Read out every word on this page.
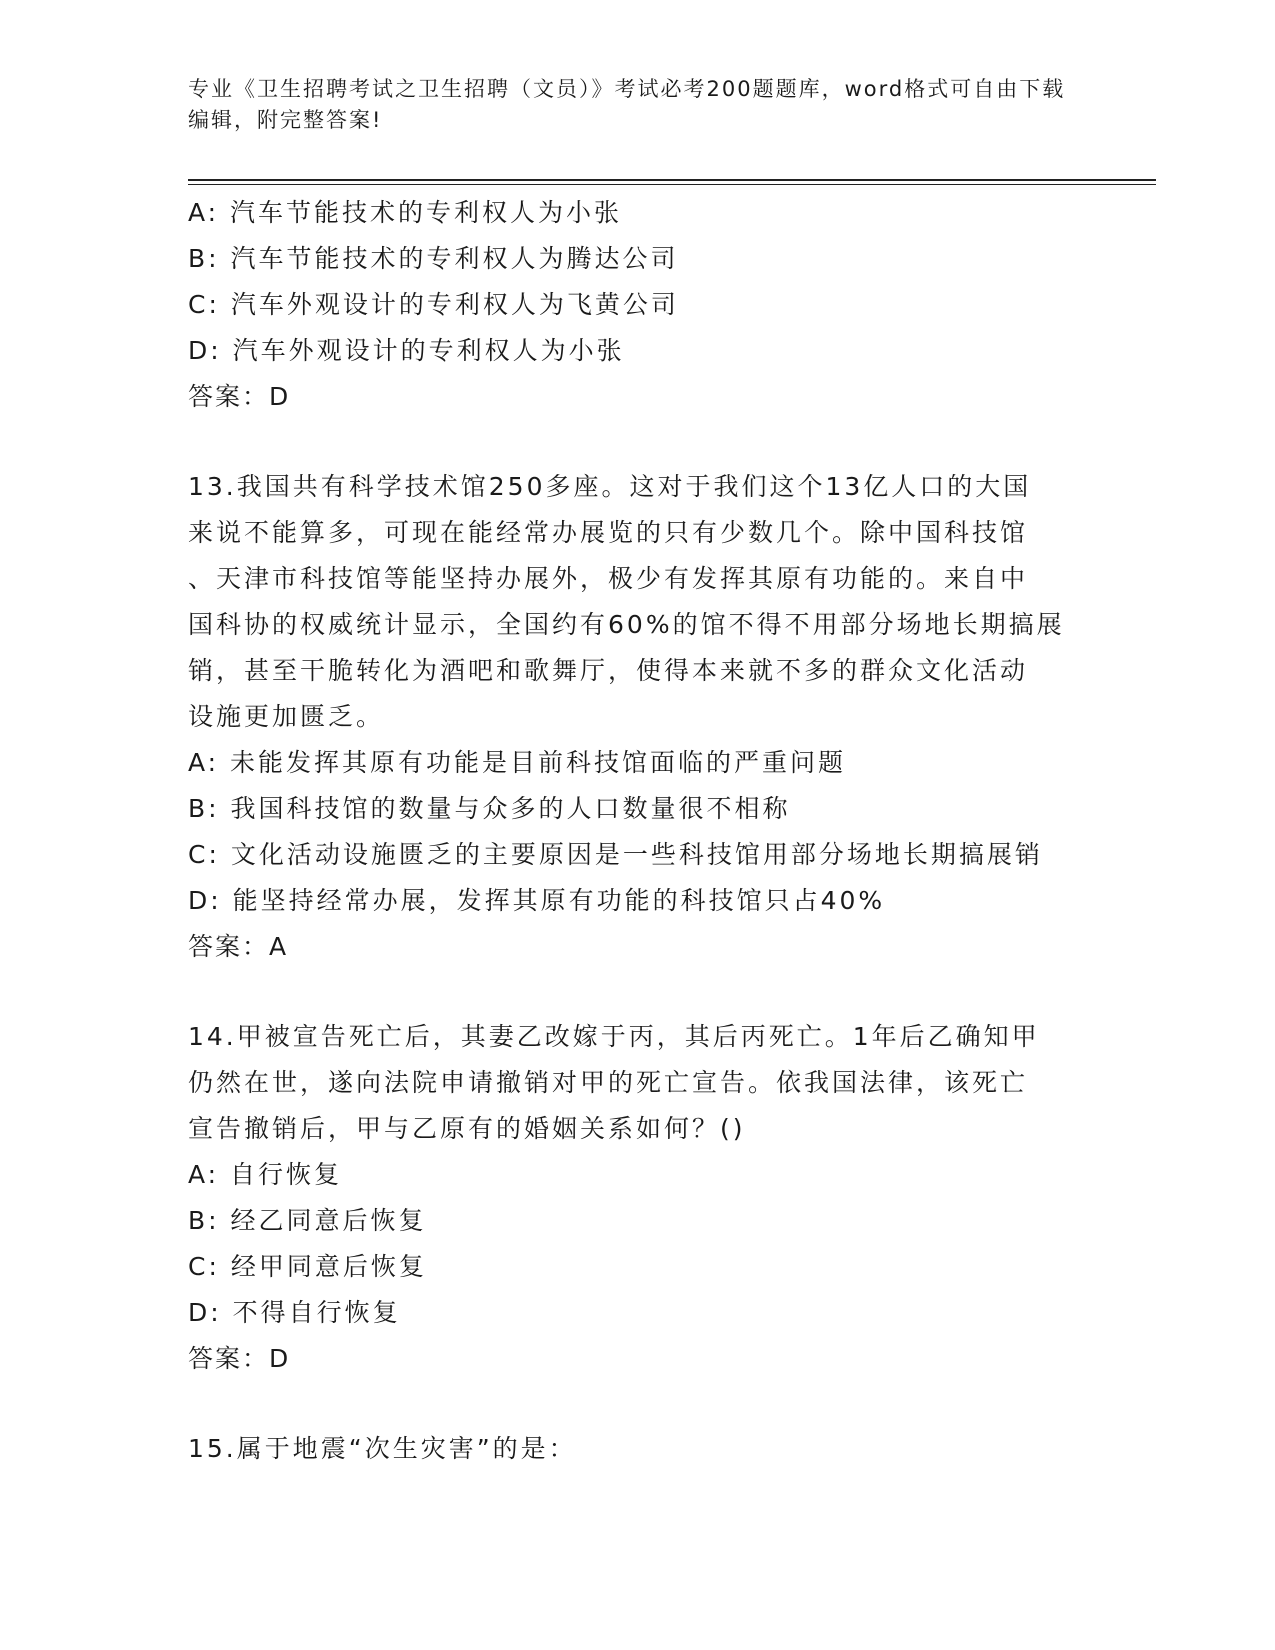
专业《卫生招聘考试之卫生招聘（文员）》考试必考200题题库，word格式可自由下载编辑，附完整答案!
A: 汽车节能技术的专利权人为小张
B: 汽车节能技术的专利权人为腾达公司
C: 汽车外观设计的专利权人为飞黄公司
D: 汽车外观设计的专利权人为小张
答案：D
13.我国共有科学技术馆250多座。这对于我们这个13亿人口的大国
来说不能算多，可现在能经常办展览的只有少数几个。除中国科技馆
、天津市科技馆等能坚持办展外，极少有发挥其原有功能的。来自中
国科协的权威统计显示，全国约有60%的馆不得不用部分场地长期搞展
销，甚至干脆转化为酒吧和歌舞厅，使得本来就不多的群众文化活动
设施更加匮乏。
A: 未能发挥其原有功能是目前科技馆面临的严重问题
B: 我国科技馆的数量与众多的人口数量很不相称
C: 文化活动设施匮乏的主要原因是一些科技馆用部分场地长期搞展销
D: 能坚持经常办展，发挥其原有功能的科技馆只占40%
答案：A
14.甲被宣告死亡后，其妻乙改嫁于丙，其后丙死亡。1年后乙确知甲
仍然在世，遂向法院申请撤销对甲的死亡宣告。依我国法律，该死亡
宣告撤销后，甲与乙原有的婚姻关系如何？()
A: 自行恢复
B: 经乙同意后恢复
C: 经甲同意后恢复
D: 不得自行恢复
答案：D
15.属于地震“次生灾害”的是：
